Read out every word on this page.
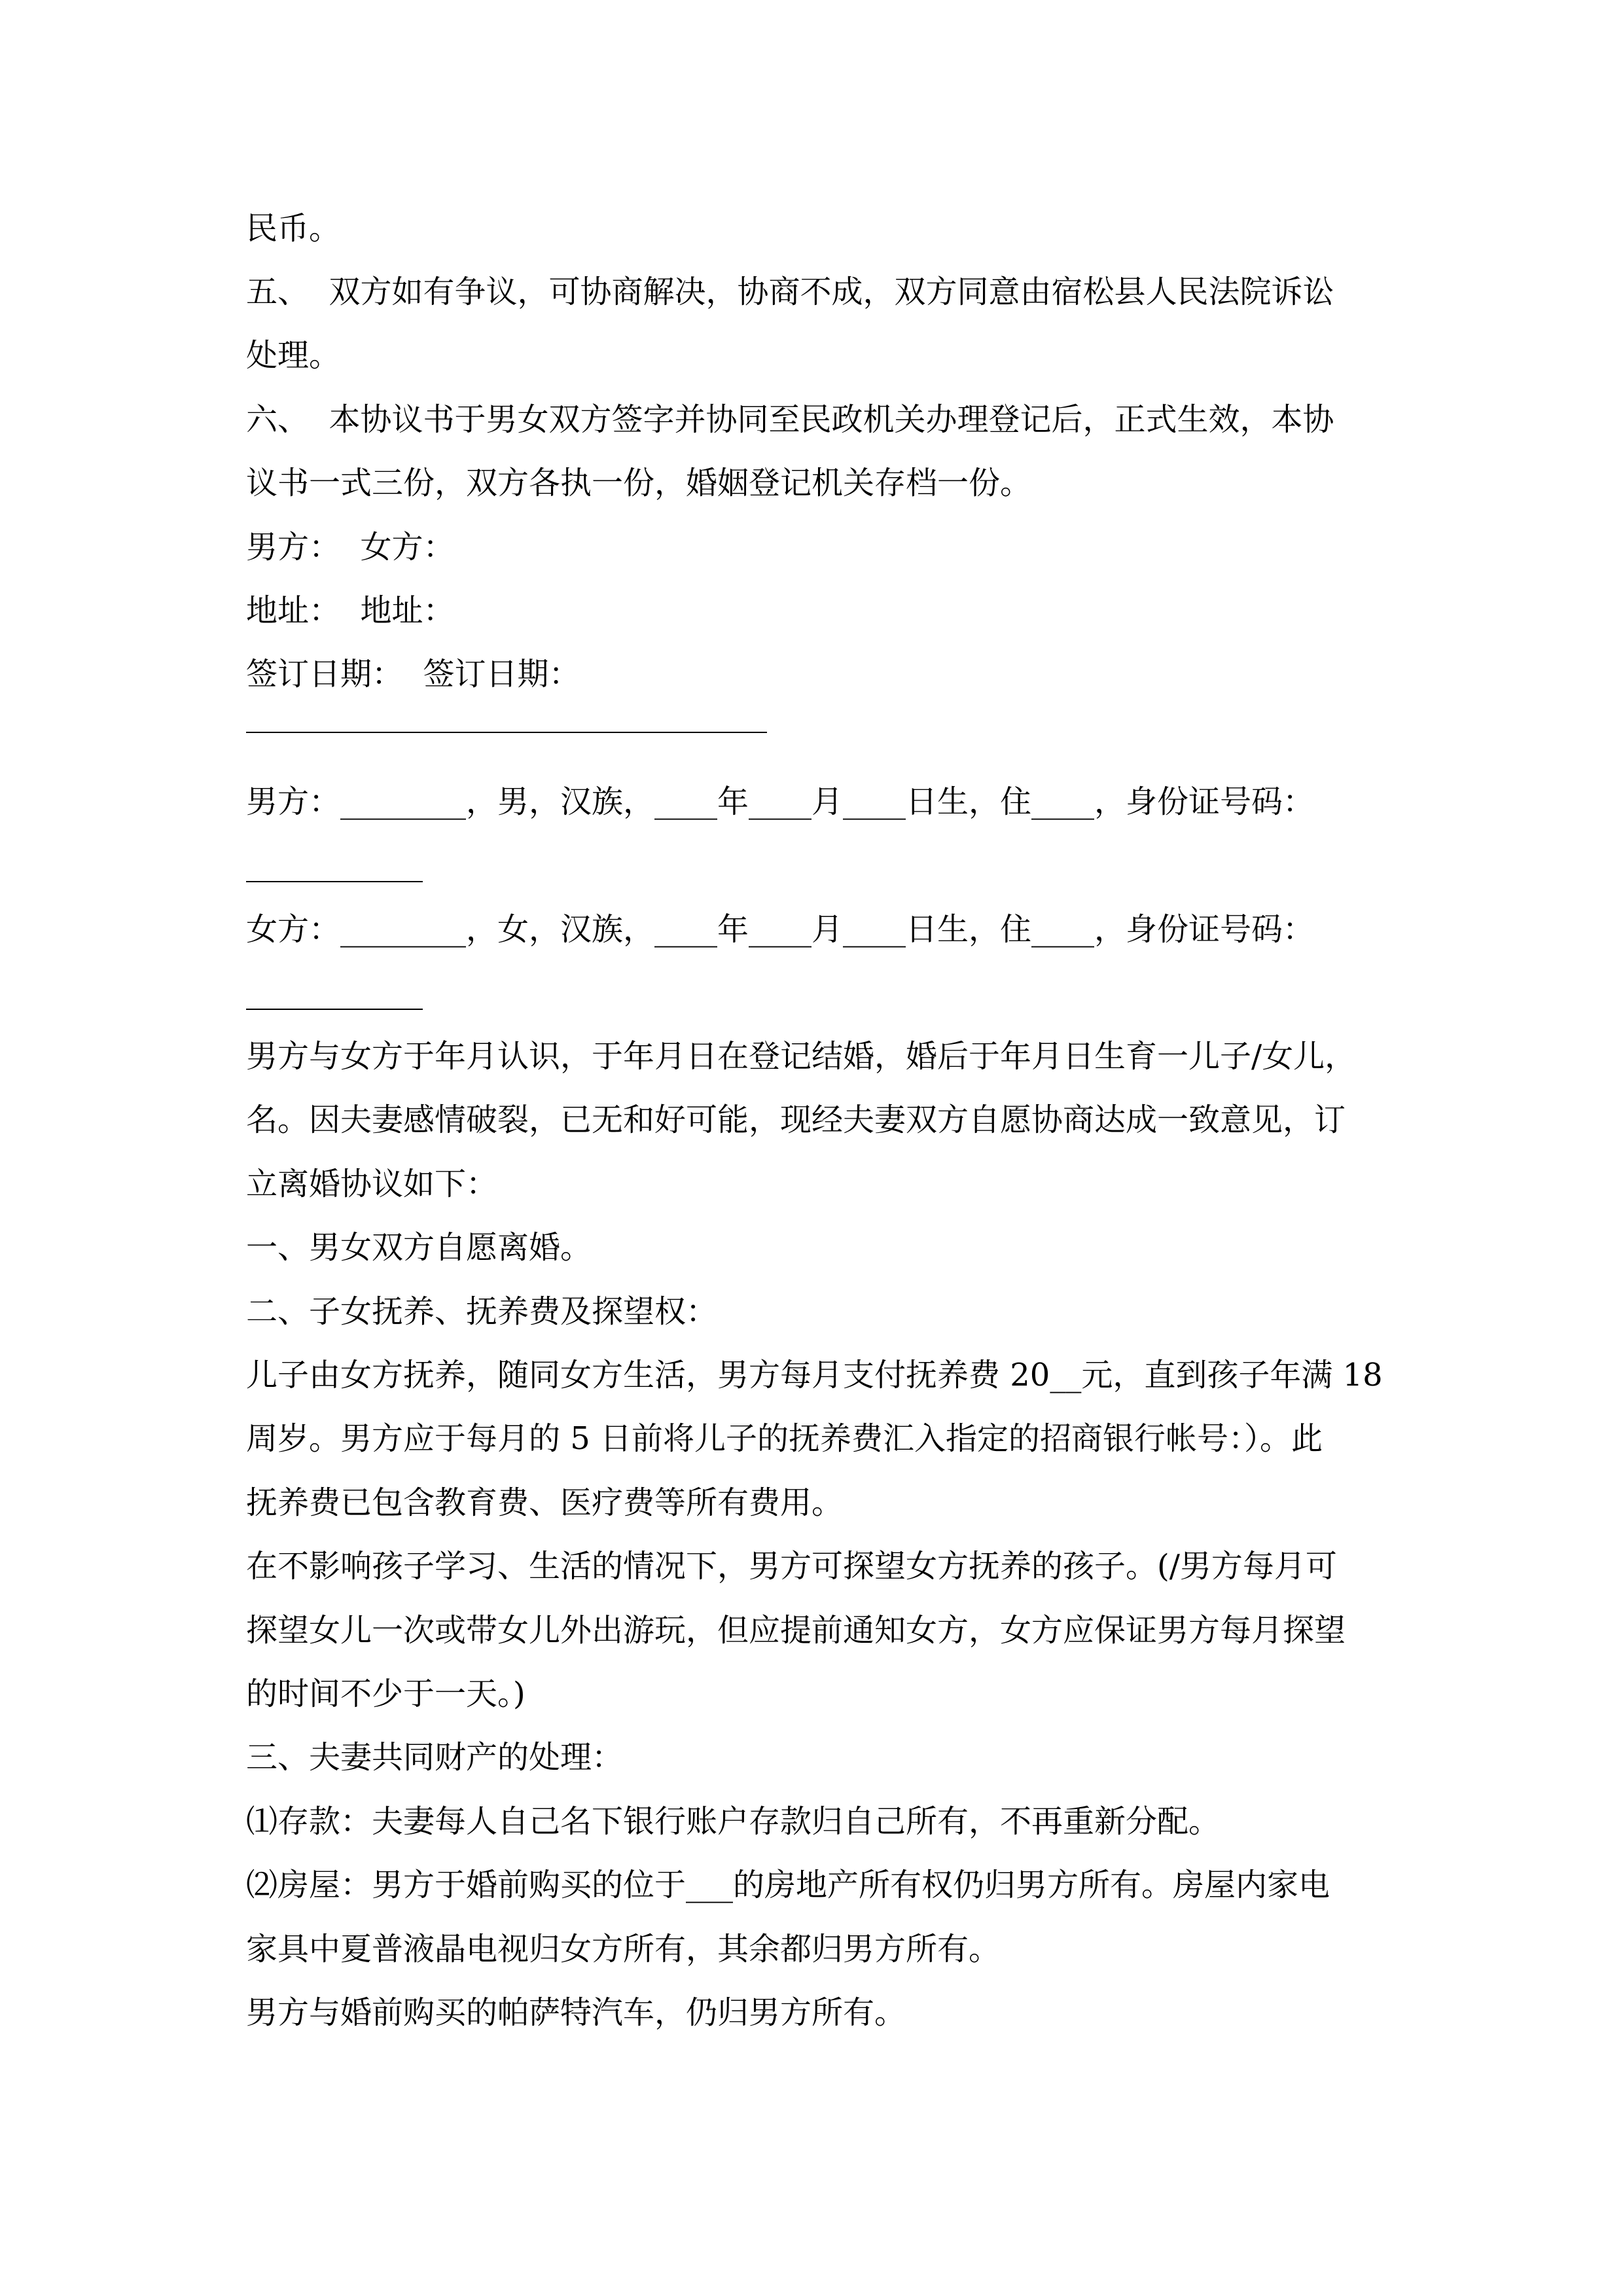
民币。

五、  双方如有争议，可协商解决，协商不成，双方同意由宿松县人民法院诉讼

处理。

六、  本协议书于男女双方签字并协同至民政机关办理登记后，正式生效，本协

议书一式三份，双方各执一份，婚姻登记机关存档一份。

男方：  女方：

地址：  地址：

签订日期：  签订日期：

男方：________，男，汉族，____年____月____日生，住____，身份证号码：

女方：________，女，汉族，____年____月____日生，住____，身份证号码：

男方与女方于年月认识，于年月日在登记结婚，婚后于年月日生育一儿子/女儿，

名。因夫妻感情破裂，已无和好可能，现经夫妻双方自愿协商达成一致意见，订

立离婚协议如下：

一、男女双方自愿离婚。

二、子女抚养、抚养费及探望权：

儿子由女方抚养，随同女方生活，男方每月支付抚养费 20__元，直到孩子年满 18

周岁。男方应于每月的 5 日前将儿子的抚养费汇入指定的招商银行帐号：）。此

抚养费已包含教育费、医疗费等所有费用。

在不影响孩子学习、生活的情况下，男方可探望女方抚养的孩子。(/男方每月可

探望女儿一次或带女儿外出游玩，但应提前通知女方，女方应保证男方每月探望

的时间不少于一天。)

三、夫妻共同财产的处理：

⑴存款：夫妻每人自己名下银行账户存款归自己所有，不再重新分配。

⑵房屋：男方于婚前购买的位于___的房地产所有权仍归男方所有。房屋内家电

家具中夏普液晶电视归女方所有，其余都归男方所有。

男方与婚前购买的帕萨特汽车，仍归男方所有。
